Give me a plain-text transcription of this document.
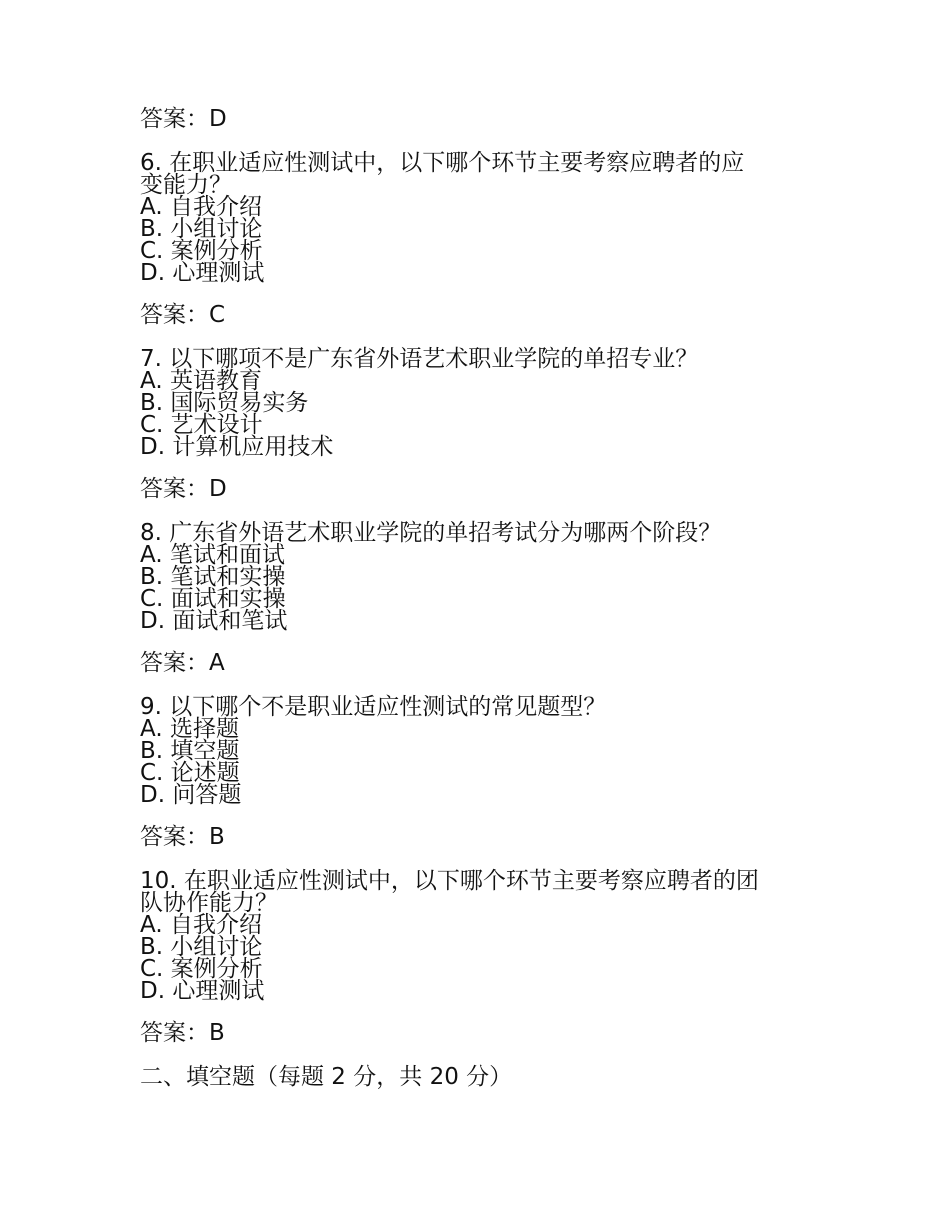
答案：D
6. 在职业适应性测试中，以下哪个环节主要考察应聘者的应
变能力？
A. 自我介绍
B. 小组讨论
C. 案例分析
D. 心理测试
答案：C
7. 以下哪项不是广东省外语艺术职业学院的单招专业？
A. 英语教育
B. 国际贸易实务
C. 艺术设计
D. 计算机应用技术
答案：D
8. 广东省外语艺术职业学院的单招考试分为哪两个阶段？
A. 笔试和面试
B. 笔试和实操
C. 面试和实操
D. 面试和笔试
答案：A
9. 以下哪个不是职业适应性测试的常见题型？
A. 选择题
B. 填空题
C. 论述题
D. 问答题
答案：B
10. 在职业适应性测试中，以下哪个环节主要考察应聘者的团
队协作能力？
A. 自我介绍
B. 小组讨论
C. 案例分析
D. 心理测试
答案：B
二、填空题（每题 2 分，共 20 分）
